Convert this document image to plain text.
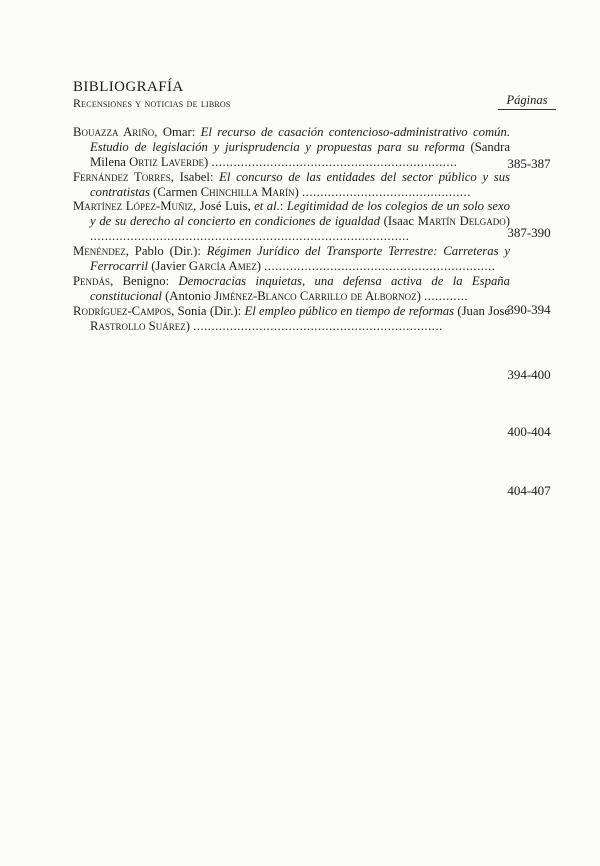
BIBLIOGRAFÍA
Recensiones y noticias de libros	Páginas
Bouazza Ariño, Omar: El recurso de casación contencioso-administrativo común. Estudio de legislación y jurisprudencia y propuestas para su reforma (Sandra Milena Ortiz Laverde) ...................................................................	385-387
Fernández Torres, Isabel: El concurso de las entidades del sector público y sus contratistas (Carmen Chinchilla Marín) ..............................................
387-390
Martínez López-Muñiz, José Luis, et al.: Legitimidad de los colegios de un solo sexo y de su derecho al concierto en condiciones de igualdad (Isaac Martín Delgado) .......................................................................................
390-394
Menéndez, Pablo (Dir.): Régimen Jurídico del Transporte Terrestre: Carreteras y Ferrocarril (Javier García Amez) ...............................................................
394-400
Pendás, Benigno: Democracias inquietas, una defensa activa de la España constitucional (Antonio Jiménez-Blanco Carrillo de Albornoz) ............
400-404
Rodríguez-Campos, Sonia (Dir.): El empleo público en tiempo de reformas (Juan José Rastrollo Suárez) ....................................................................
404-407
